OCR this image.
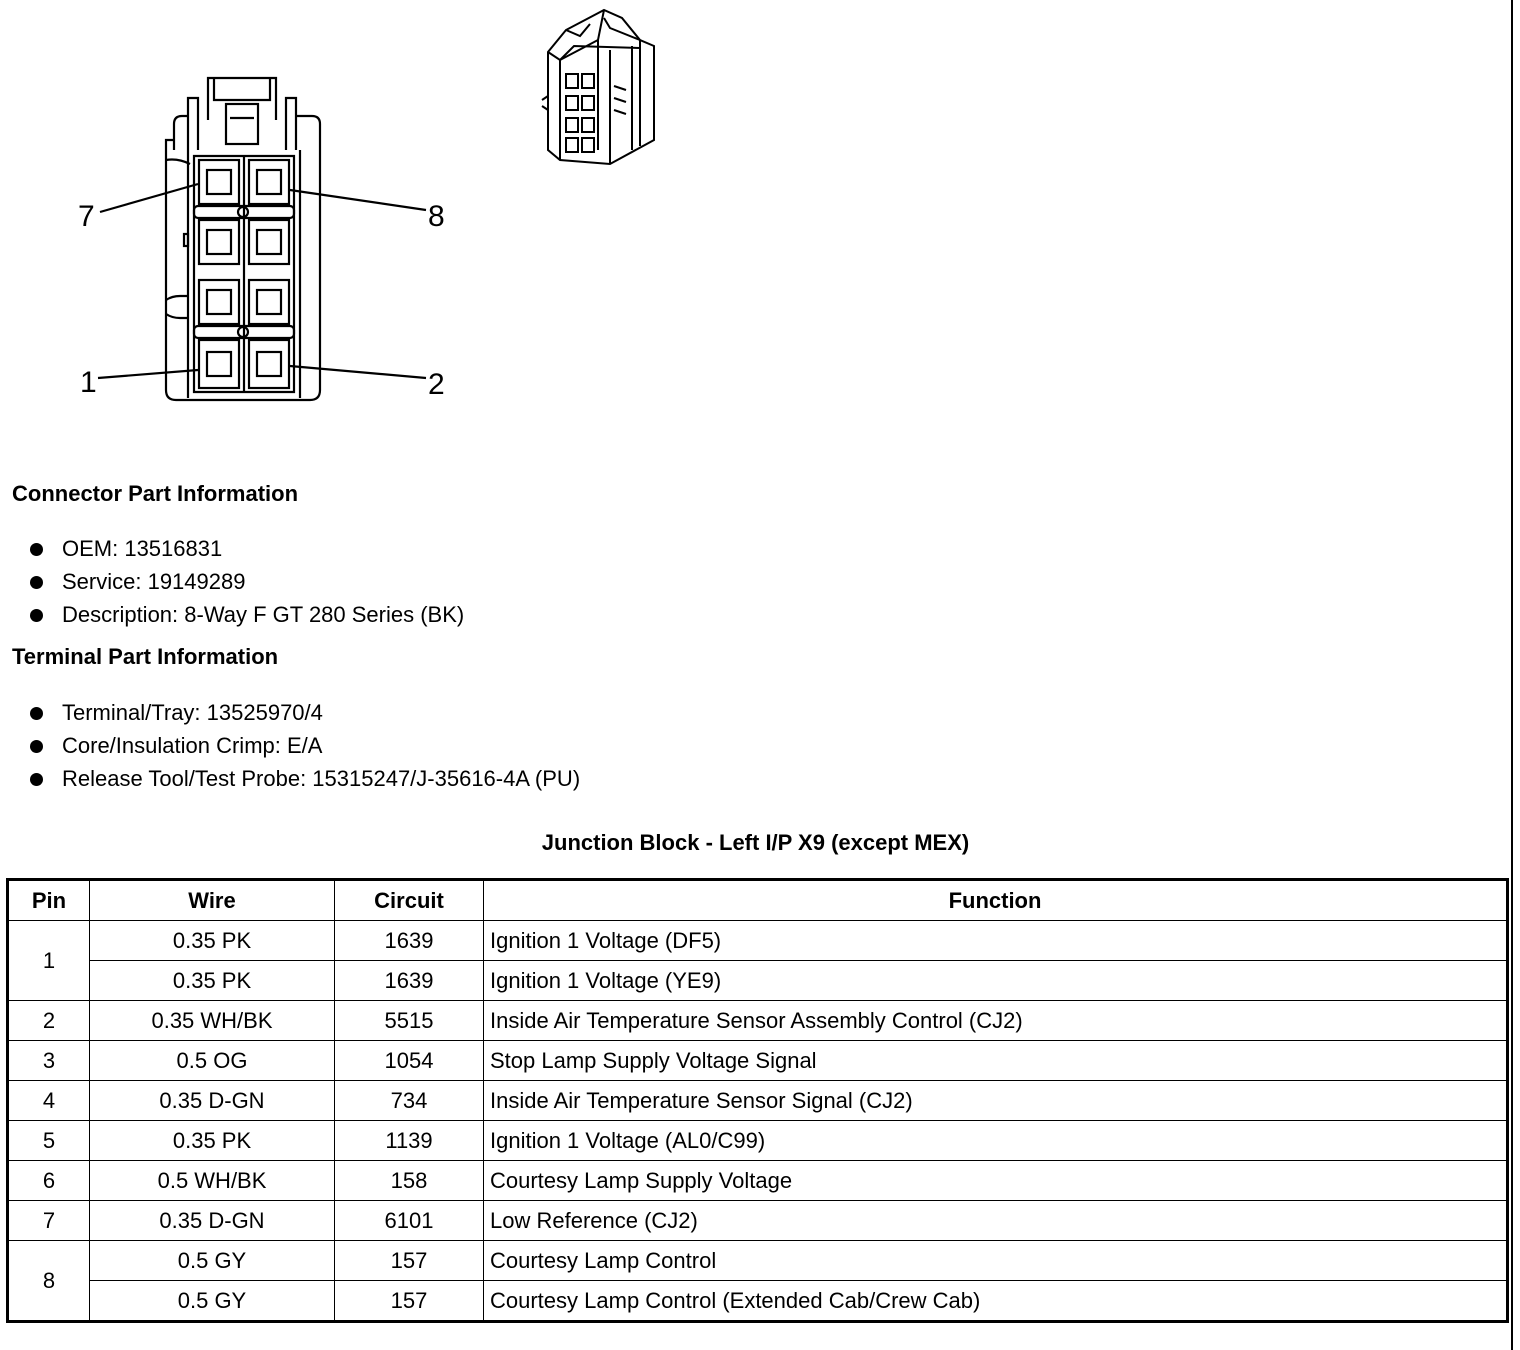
7	8
1	2
Connector Part Information
OEM: 13516831
Service: 19149289
Description: 8-Way F GT 280 Series (BK)
Terminal Part Information
Terminal/Tray: 13525970/4
Core/Insulation Crimp: E/A
Release Tool/Test Probe: 15315247/J-35616-4A (PU)
Junction Block - Left I/P X9 (except MEX)
Pin	Wire	Circuit	Function
1	0.35 PK	1639	Ignition 1 Voltage (DF5)
	0.35 PK	1639	Ignition 1 Voltage (YE9)
2	0.35 WH/BK	5515	Inside Air Temperature Sensor Assembly Control (CJ2)
3	0.5 OG	1054	Stop Lamp Supply Voltage Signal
4	0.35 D-GN	734	Inside Air Temperature Sensor Signal (CJ2)
5	0.35 PK	1139	Ignition 1 Voltage (AL0/C99)
6	0.5 WH/BK	158	Courtesy Lamp Supply Voltage
7	0.35 D-GN	6101	Low Reference (CJ2)
8	0.5 GY	157	Courtesy Lamp Control
	0.5 GY	157	Courtesy Lamp Control (Extended Cab/Crew Cab)
